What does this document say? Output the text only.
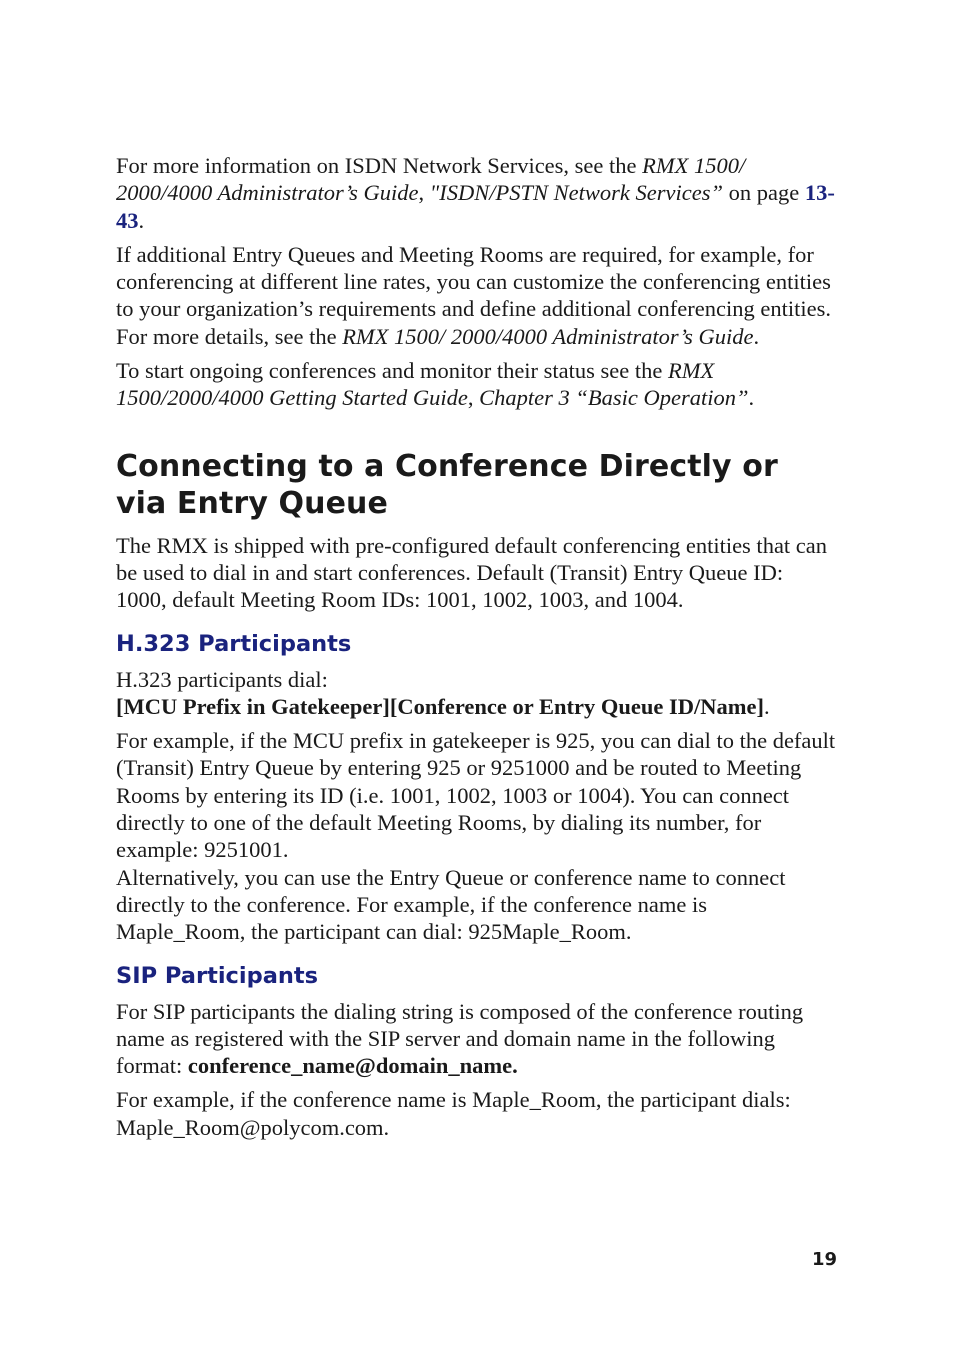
For more information on ISDN Network Services, see the RMX 1500/ 2000/4000 Administrator’s Guide, "ISDN/PSTN Network Services” on page 13-43.

If additional Entry Queues and Meeting Rooms are required, for example, for conferencing at different line rates, you can customize the conferencing entities to your organization’s requirements and define additional conferencing entities. For more details, see the RMX 1500/ 2000/4000 Administrator’s Guide.

To start ongoing conferences and monitor their status see the RMX 1500/2000/4000 Getting Started Guide, Chapter 3 “Basic Operation”.

Connecting to a Conference Directly or via Entry Queue

The RMX is shipped with pre-configured default conferencing entities that can be used to dial in and start conferences. Default (Transit) Entry Queue ID: 1000, default Meeting Room IDs: 1001, 1002, 1003, and 1004.

H.323 Participants

H.323 participants dial:

[MCU Prefix in Gatekeeper][Conference or Entry Queue ID/Name].

For example, if the MCU prefix in gatekeeper is 925, you can dial to the default (Transit) Entry Queue by entering 925 or 9251000 and be routed to Meeting Rooms by entering its ID (i.e. 1001, 1002, 1003 or 1004). You can connect directly to one of the default Meeting Rooms, by dialing its number, for example: 9251001.

Alternatively, you can use the Entry Queue or conference name to connect directly to the conference. For example, if the conference name is Maple_Room, the participant can dial: 925Maple_Room.

SIP Participants

For SIP participants the dialing string is composed of the conference routing name as registered with the SIP server and domain name in the following format: conference_name@domain_name.

For example, if the conference name is Maple_Room, the participant dials: Maple_Room@polycom.com.

19
